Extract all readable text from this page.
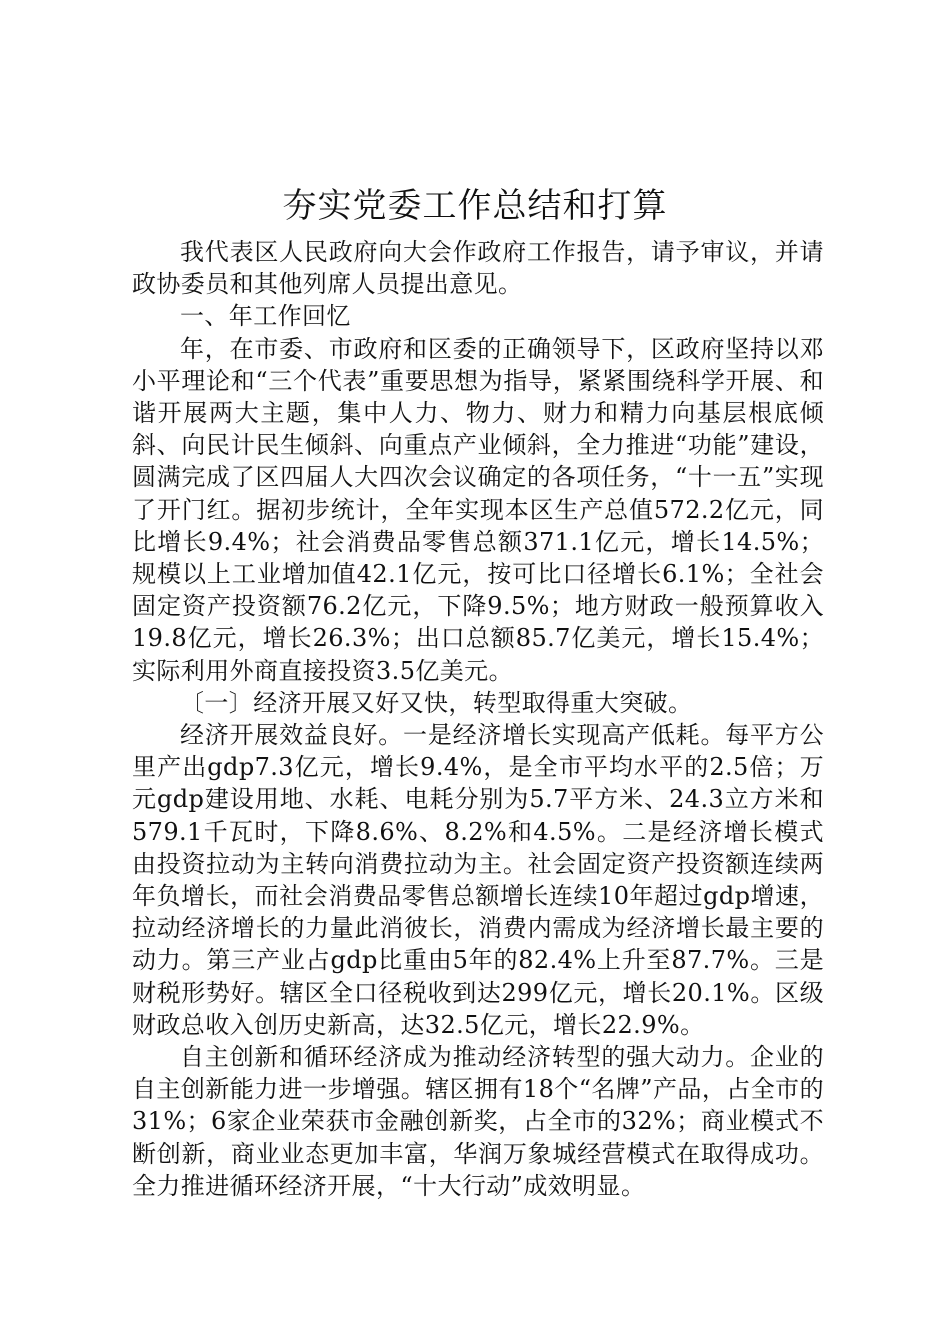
夯实党委工作总结和打算

我代表区人民政府向大会作政府工作报告，请予审议，并请政协委员和其他列席人员提出意见。

一、年工作回忆

年，在市委、市政府和区委的正确领导下，区政府坚持以邓小平理论和“三个代表”重要思想为指导，紧紧围绕科学开展、和谐开展两大主题，集中人力、物力、财力和精力向基层根底倾斜、向民计民生倾斜、向重点产业倾斜，全力推进“功能”建设，圆满完成了区四届人大四次会议确定的各项任务，“十一五”实现了开门红。据初步统计，全年实现本区生产总值572.2亿元，同比增长9.4%；社会消费品零售总额371.1亿元，增长14.5%；规模以上工业增加值42.1亿元，按可比口径增长6.1%；全社会固定资产投资额76.2亿元，下降9.5%；地方财政一般预算收入19.8亿元，增长26.3%；出口总额85.7亿美元，增长15.4%；实际利用外商直接投资3.5亿美元。

〔一〕经济开展又好又快，转型取得重大突破。

经济开展效益良好。一是经济增长实现高产低耗。每平方公里产出gdp7.3亿元，增长9.4%，是全市平均水平的2.5倍；万元gdp建设用地、水耗、电耗分别为5.7平方米、24.3立方米和579.1千瓦时，下降8.6%、8.2%和4.5%。二是经济增长模式由投资拉动为主转向消费拉动为主。社会固定资产投资额连续两年负增长，而社会消费品零售总额增长连续10年超过gdp增速，拉动经济增长的力量此消彼长，消费内需成为经济增长最主要的动力。第三产业占gdp比重由5年的82.4%上升至87.7%。三是财税形势好。辖区全口径税收到达299亿元，增长20.1%。区级财政总收入创历史新高，达32.5亿元，增长22.9%。

自主创新和循环经济成为推动经济转型的强大动力。企业的自主创新能力进一步增强。辖区拥有18个“名牌”产品，占全市的31%；6家企业荣获市金融创新奖，占全市的32%；商业模式不断创新，商业业态更加丰富，华润万象城经营模式在取得成功。全力推进循环经济开展，“十大行动”成效明显。
